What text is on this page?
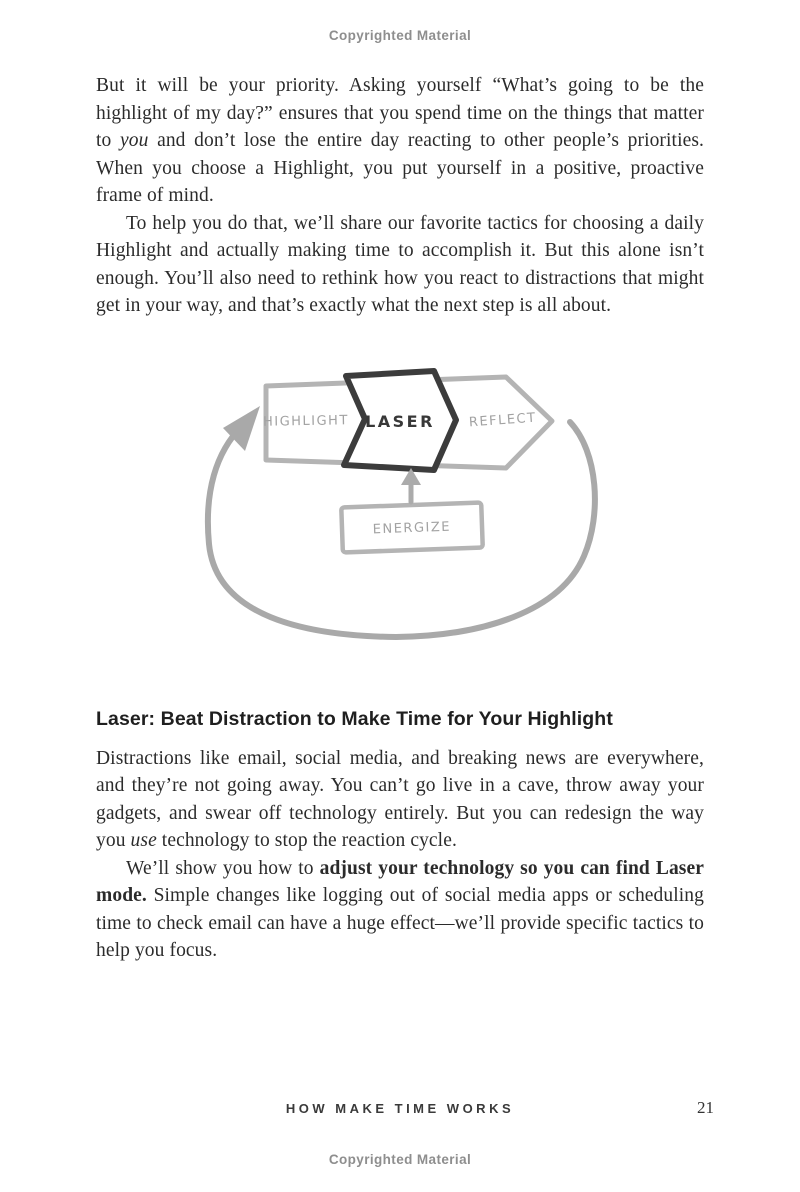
Copyrighted Material

But it will be your priority. Asking yourself “What’s going to be the highlight of my day?” ensures that you spend time on the things that matter to you and don’t lose the entire day reacting to other people’s priorities. When you choose a Highlight, you put yourself in a positive, proactive frame of mind.

To help you do that, we’ll share our favorite tactics for choosing a daily Highlight and actually making time to accomplish it. But this alone isn’t enough. You’ll also need to rethink how you react to distractions that might get in your way, and that’s exactly what the next step is all about.

HIGHLIGHT LASER	REFLECT
ENERGIZE
Laser: Beat Distraction to Make Time for Your Highlight

Distractions like email, social media, and breaking news are everywhere, and they’re not going away. You can’t go live in a cave, throw away your gadgets, and swear off technology entirely. But you can redesign the way you use technology to stop the reaction cycle.

We’ll show you how to adjust your technology so you can find Laser mode. Simple changes like logging out of social media apps or scheduling time to check email can have a huge effect—we’ll provide specific tactics to help you focus.

HOW MAKE TIME WORKS	21
Copyrighted Material
